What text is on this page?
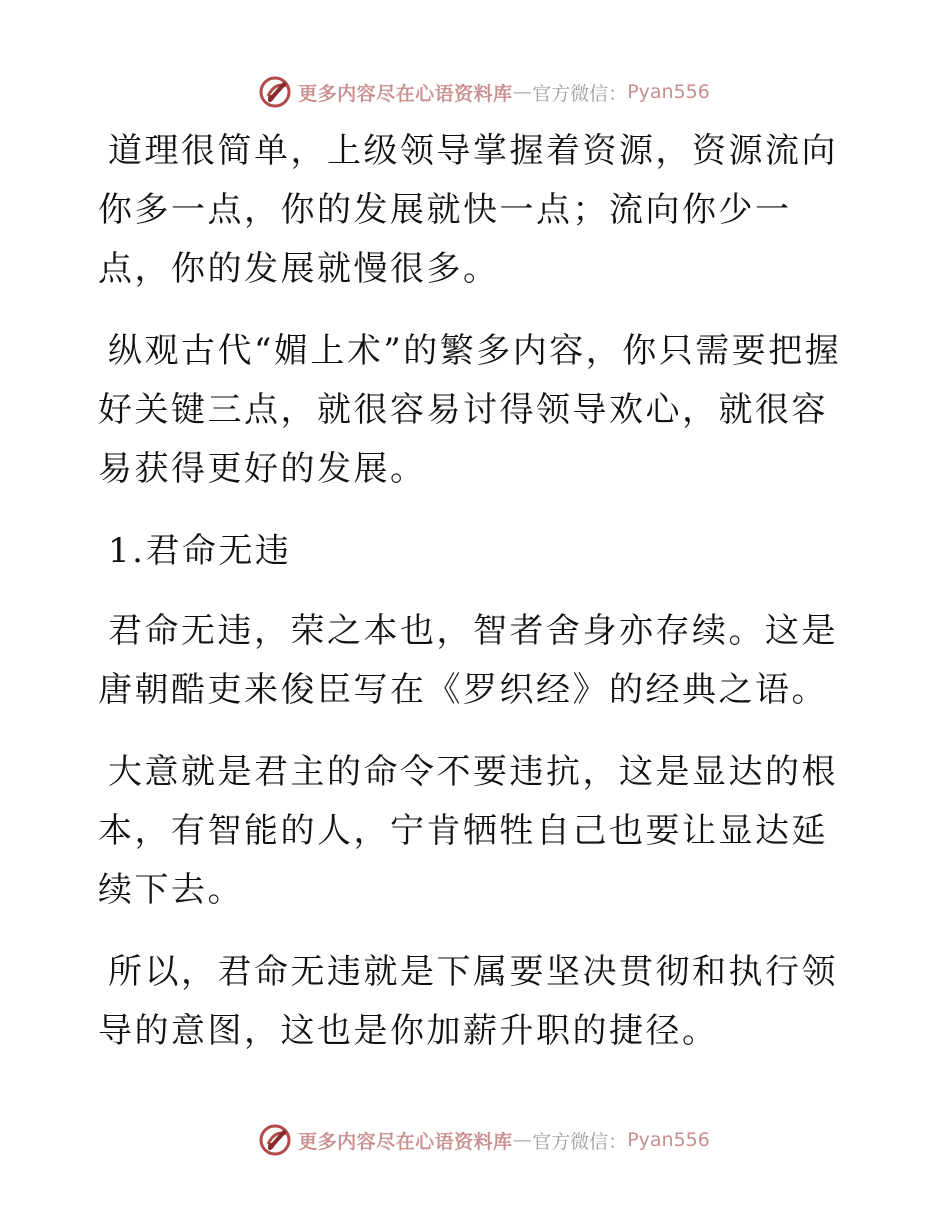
更多内容尽在心语资料库 — 官方微信： Pyan556

道理很简单，上级领导掌握着资源，资源流向你多一点，你的发展就快一点；流向你少一点，你的发展就慢很多。

纵观古代“媚上术”的繁多内容，你只需要把握好关键三点，就很容易讨得领导欢心，就很容易获得更好的发展。

1.君命无违

君命无违，荣之本也，智者舍身亦存续。这是唐朝酷吏来俊臣写在《罗织经》的经典之语。

大意就是君主的命令不要违抗，这是显达的根本，有智能的人，宁肯牺牲自己也要让显达延续下去。

所以，君命无违就是下属要坚决贯彻和执行领导的意图，这也是你加薪升职的捷径。

更多内容尽在心语资料库 — 官方微信： Pyan556
